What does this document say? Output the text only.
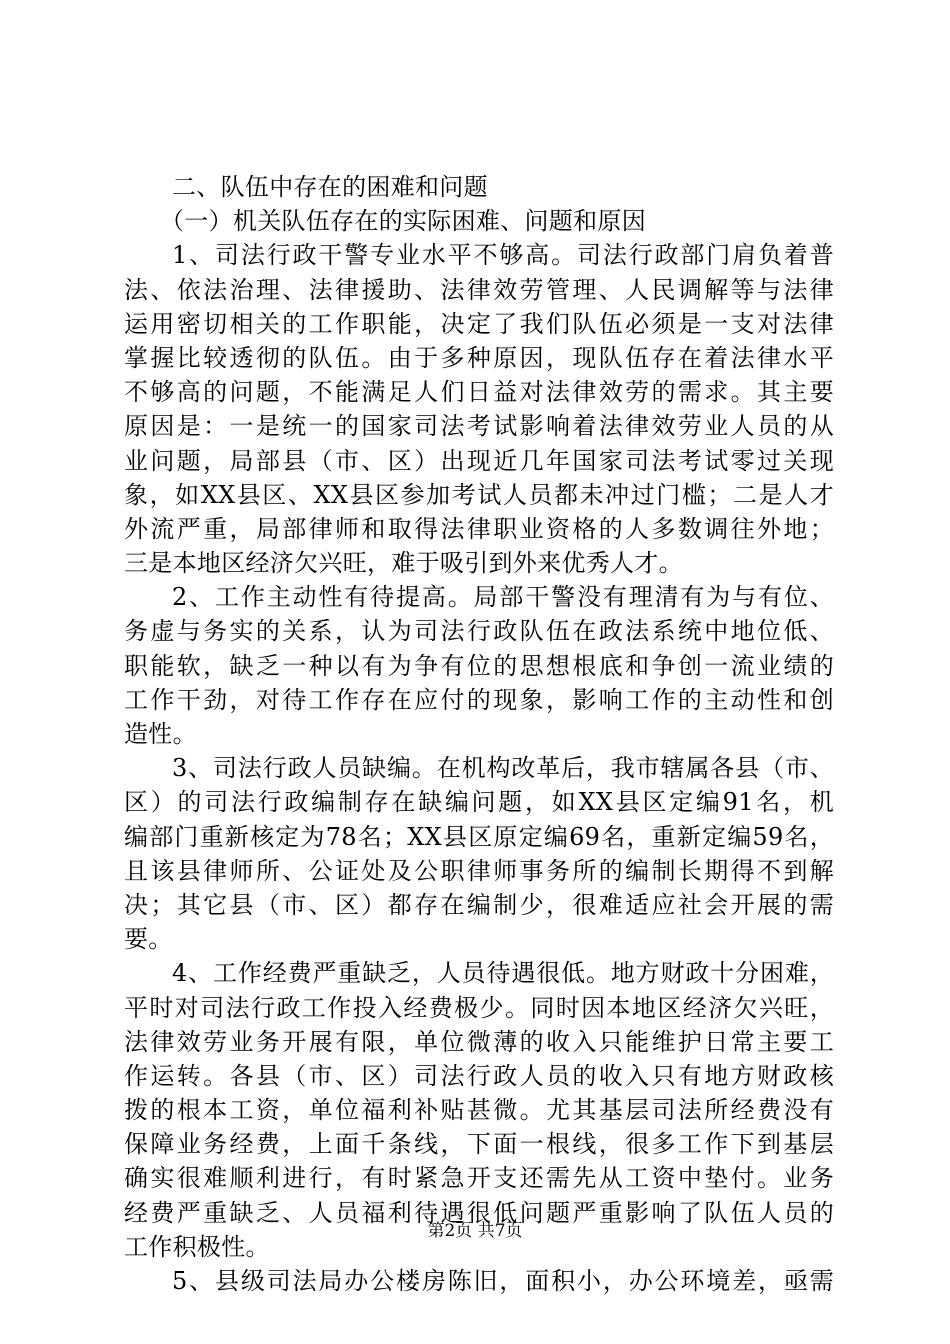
二、队伍中存在的困难和问题
（一）机关队伍存在的实际困难、问题和原因
1、司法行政干警专业水平不够高。司法行政部门肩负着普
法、依法治理、法律援助、法律效劳管理、人民调解等与法律
运用密切相关的工作职能，决定了我们队伍必须是一支对法律
掌握比较透彻的队伍。由于多种原因，现队伍存在着法律水平
不够高的问题，不能满足人们日益对法律效劳的需求。其主要
原因是：一是统一的国家司法考试影响着法律效劳业人员的从
业问题，局部县（市、区）出现近几年国家司法考试零过关现
象，如XX县区、XX县区参加考试人员都未冲过门槛；二是人才
外流严重，局部律师和取得法律职业资格的人多数调往外地；
三是本地区经济欠兴旺，难于吸引到外来优秀人才。
2、工作主动性有待提高。局部干警没有理清有为与有位、
务虚与务实的关系，认为司法行政队伍在政法系统中地位低、
职能软，缺乏一种以有为争有位的思想根底和争创一流业绩的
工作干劲，对待工作存在应付的现象，影响工作的主动性和创
造性。
3、司法行政人员缺编。在机构改革后，我市辖属各县（市、
区）的司法行政编制存在缺编问题，如XX县区定编91名，机
编部门重新核定为78名；XX县区原定编69名，重新定编59名，
且该县律师所、公证处及公职律师事务所的编制长期得不到解
决；其它县（市、区）都存在编制少，很难适应社会开展的需
要。
4、工作经费严重缺乏，人员待遇很低。地方财政十分困难，
平时对司法行政工作投入经费极少。同时因本地区经济欠兴旺，
法律效劳业务开展有限，单位微薄的收入只能维护日常主要工
作运转。各县（市、区）司法行政人员的收入只有地方财政核
拨的根本工资，单位福利补贴甚微。尤其基层司法所经费没有
保障业务经费，上面千条线，下面一根线，很多工作下到基层
确实很难顺利进行，有时紧急开支还需先从工资中垫付。业务
经费严重缺乏、人员福利待遇很低问题严重影响了队伍人员的
工作积极性。
5、县级司法局办公楼房陈旧，面积小，办公环境差，亟需
第2页 共7页
